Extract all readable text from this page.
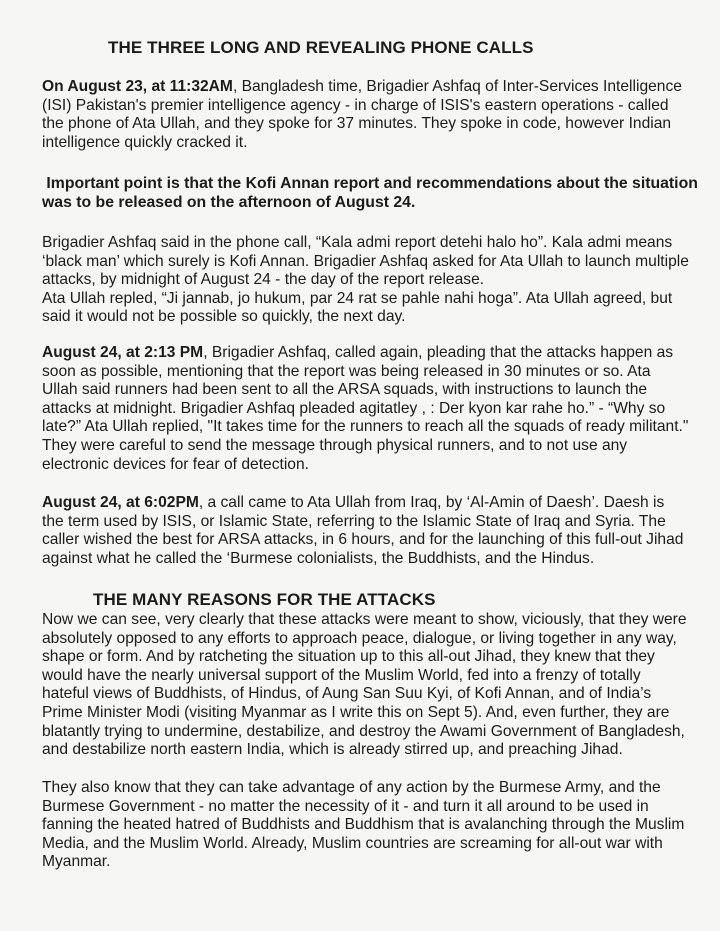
THE THREE LONG AND REVEALING PHONE CALLS

On August 23, at 11:32AM, Bangladesh time, Brigadier Ashfaq of Inter-Services Intelligence
(ISI) Pakistan's premier intelligence agency - in charge of ISIS's eastern operations - called
the phone of Ata Ullah, and they spoke for 37 minutes. They spoke in code, however Indian
intelligence quickly cracked it.

Important point is that the Kofi Annan report and recommendations about the situation
was to be released on the afternoon of August 24.

Brigadier Ashfaq said in the phone call, “Kala admi report detehi halo ho”. Kala admi means
‘black man’ which surely is Kofi Annan. Brigadier Ashfaq asked for Ata Ullah to launch multiple
attacks, by midnight of August 24 - the day of the report release.
Ata Ullah repled, “Ji jannab, jo hukum, par 24 rat se pahle nahi hoga”. Ata Ullah agreed, but
said it would not be possible so quickly, the next day.

August 24, at 2:13 PM, Brigadier Ashfaq, called again, pleading that the attacks happen as
soon as possible, mentioning that the report was being released in 30 minutes or so. Ata
Ullah said runners had been sent to all the ARSA squads, with instructions to launch the
attacks at midnight. Brigadier Ashfaq pleaded agitatley , : Der kyon kar rahe ho.” - “Why so
late?” Ata Ullah replied, "It takes time for the runners to reach all the squads of ready militant."
They were careful to send the message through physical runners, and to not use any
electronic devices for fear of detection.

August 24, at 6:02PM, a call came to Ata Ullah from Iraq, by ‘Al-Amin of Daesh’. Daesh is
the term used by ISIS, or Islamic State, referring to the Islamic State of Iraq and Syria. The
caller wished the best for ARSA attacks, in 6 hours, and for the launching of this full-out Jihad
against what he called the ‘Burmese colonialists, the Buddhists, and the Hindus.

THE MANY REASONS FOR THE ATTACKS

Now we can see, very clearly that these attacks were meant to show, viciously, that they were
absolutely opposed to any efforts to approach peace, dialogue, or living together in any way,
shape or form. And by ratcheting the situation up to this all-out Jihad, they knew that they
would have the nearly universal support of the Muslim World, fed into a frenzy of totally
hateful views of Buddhists, of Hindus, of Aung San Suu Kyi, of Kofi Annan, and of India’s
Prime Minister Modi (visiting Myanmar as I write this on Sept 5). And, even further, they are
blatantly trying to undermine, destabilize, and destroy the Awami Government of Bangladesh,
and destabilize north eastern India, which is already stirred up, and preaching Jihad.

They also know that they can take advantage of any action by the Burmese Army, and the
Burmese Government - no matter the necessity of it - and turn it all around to be used in
fanning the heated hatred of Buddhists and Buddhism that is avalanching through the Muslim
Media, and the Muslim World. Already, Muslim countries are screaming for all-out war with
Myanmar.
